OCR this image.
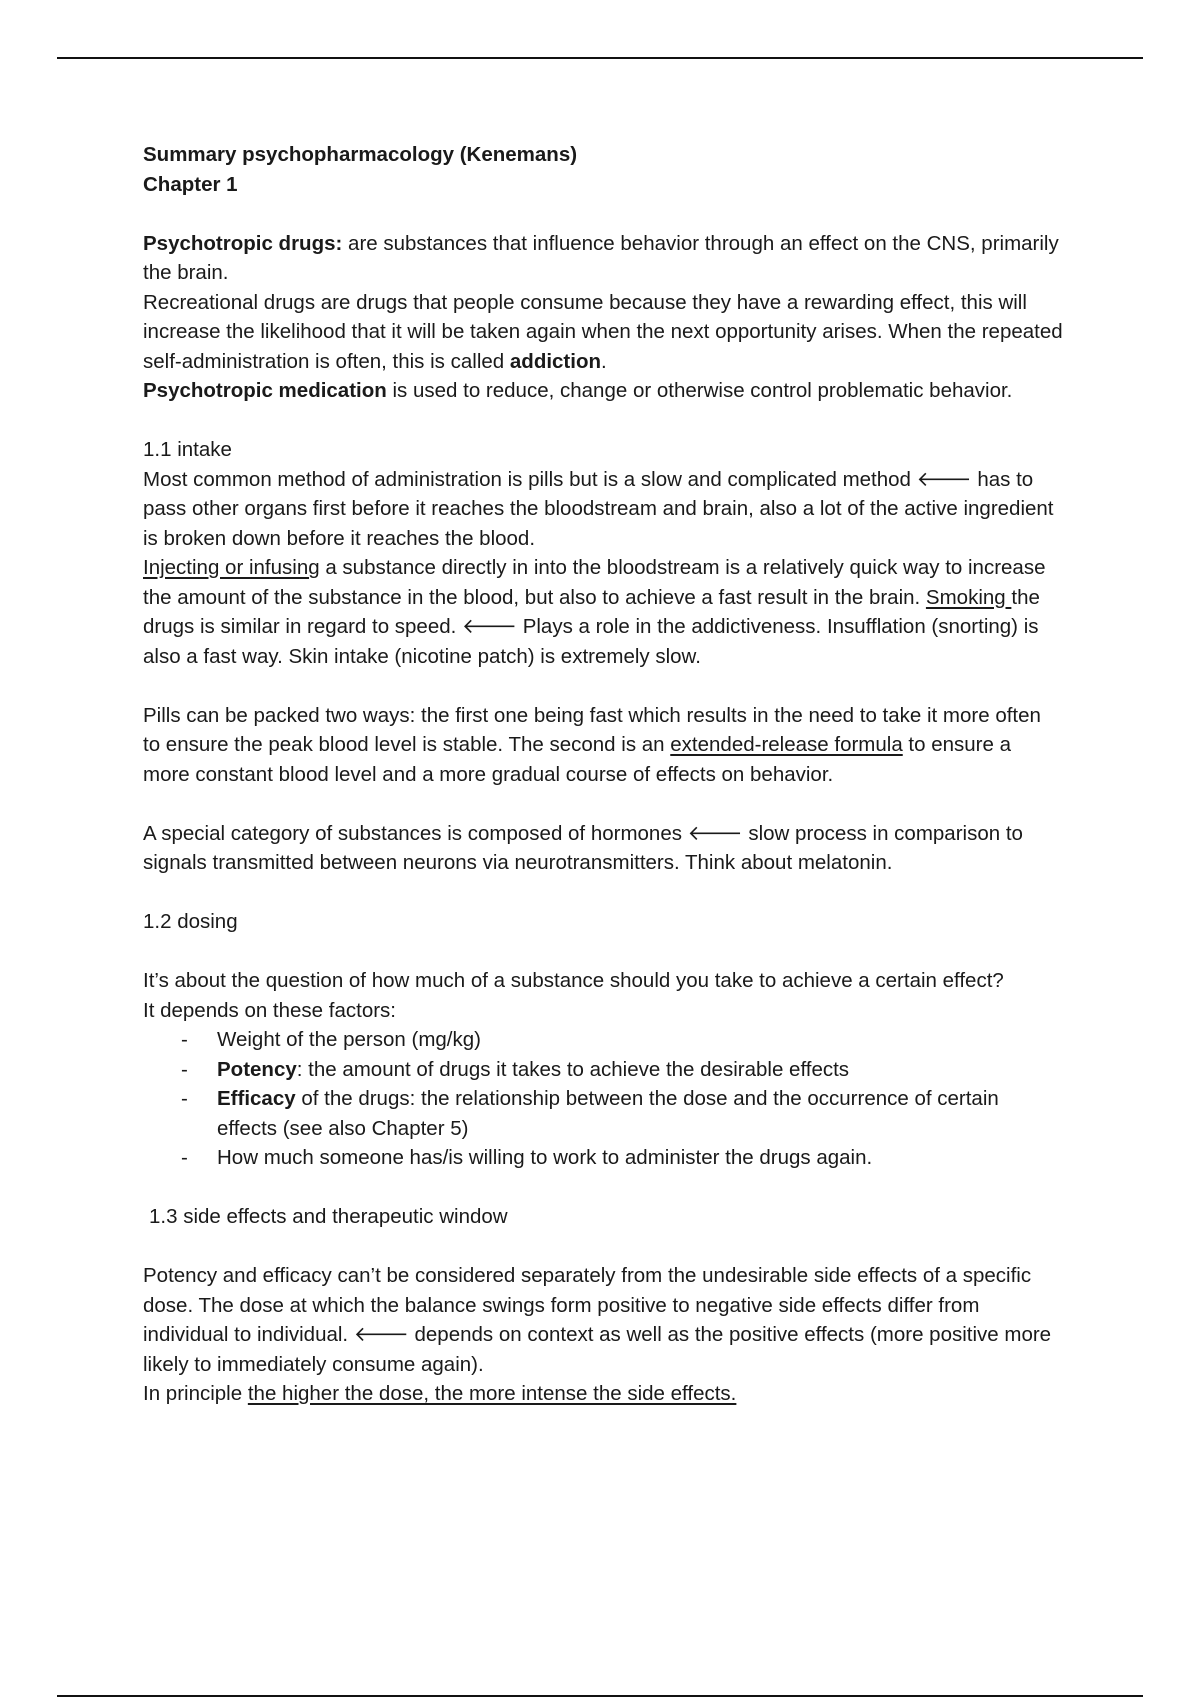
Summary psychopharmacology (Kenemans)

Chapter 1

Psychotropic drugs: are substances that influence behavior through an effect on the CNS, primarily the brain.

Recreational drugs are drugs that people consume because they have a rewarding effect, this will increase the likelihood that it will be taken again when the next opportunity arises. When the repeated self-administration is often, this is called addiction.

Psychotropic medication is used to reduce, change or otherwise control problematic behavior.

1.1 intake

Most common method of administration is pills but is a slow and complicated method 🡐 has to pass other organs first before it reaches the bloodstream and brain, also a lot of the active ingredient is broken down before it reaches the blood.

Injecting or infusing a substance directly in into the bloodstream is a relatively quick way to increase the amount of the substance in the blood, but also to achieve a fast result in the brain. Smoking the drugs is similar in regard to speed. 🡐 Plays a role in the addictiveness. Insufflation (snorting) is also a fast way. Skin intake (nicotine patch) is extremely slow.

Pills can be packed two ways: the first one being fast which results in the need to take it more often to ensure the peak blood level is stable. The second is an extended-release formula to ensure a more constant blood level and a more gradual course of effects on behavior.

A special category of substances is composed of hormones 🡐 slow process in comparison to signals transmitted between neurons via neurotransmitters. Think about melatonin.

1.2 dosing

It’s about the question of how much of a substance should you take to achieve a certain effect?

It depends on these factors:

- Weight of the person (mg/kg)
- Potency: the amount of drugs it takes to achieve the desirable effects
- Efficacy of the drugs: the relationship between the dose and the occurrence of certain effects (see also Chapter 5)
- How much someone has/is willing to work to administer the drugs again.

1.3 side effects and therapeutic window

Potency and efficacy can’t be considered separately from the undesirable side effects of a specific dose. The dose at which the balance swings form positive to negative side effects differ from individual to individual. 🡐 depends on context as well as the positive effects (more positive more likely to immediately consume again).

In principle the higher the dose, the more intense the side effects.
